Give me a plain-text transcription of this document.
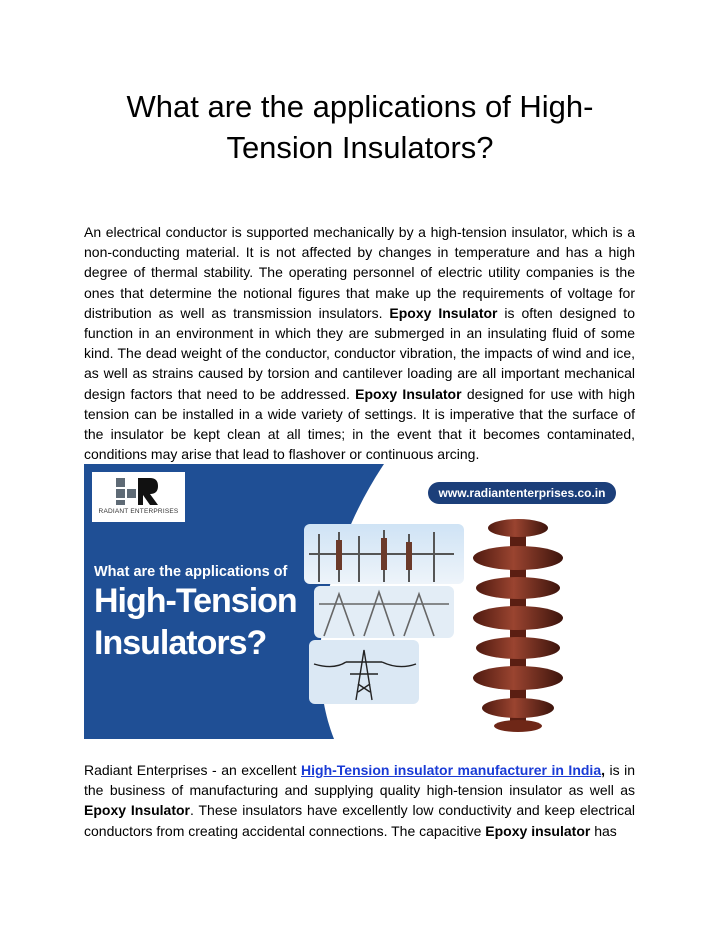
What are the applications of High-Tension Insulators?

An electrical conductor is supported mechanically by a high-tension insulator, which is a non-conducting material. It is not affected by changes in temperature and has a high degree of thermal stability. The operating personnel of electric utility companies is the ones that determine the notional figures that make up the requirements of voltage for distribution as well as transmission insulators. Epoxy Insulator is often designed to function in an environment in which they are submerged in an insulating fluid of some kind. The dead weight of the conductor, conductor vibration, the impacts of wind and ice, as well as strains caused by torsion and cantilever loading are all important mechanical design factors that need to be addressed. Epoxy Insulator designed for use with high tension can be installed in a wide variety of settings. It is imperative that the surface of the insulator be kept clean at all times; in the event that it becomes contaminated, conditions may arise that lead to flashover or continuous arcing.

RADIANT ENTERPRISES
www.radiantenterprises.co.in
What are the applications of
High-Tension
Insulators?

Radiant Enterprises - an excellent High-Tension insulator manufacturer in India, is in the business of manufacturing and supplying quality high-tension insulator as well as Epoxy Insulator. These insulators have excellently low conductivity and keep electrical conductors from creating accidental connections. The capacitive Epoxy insulator has
